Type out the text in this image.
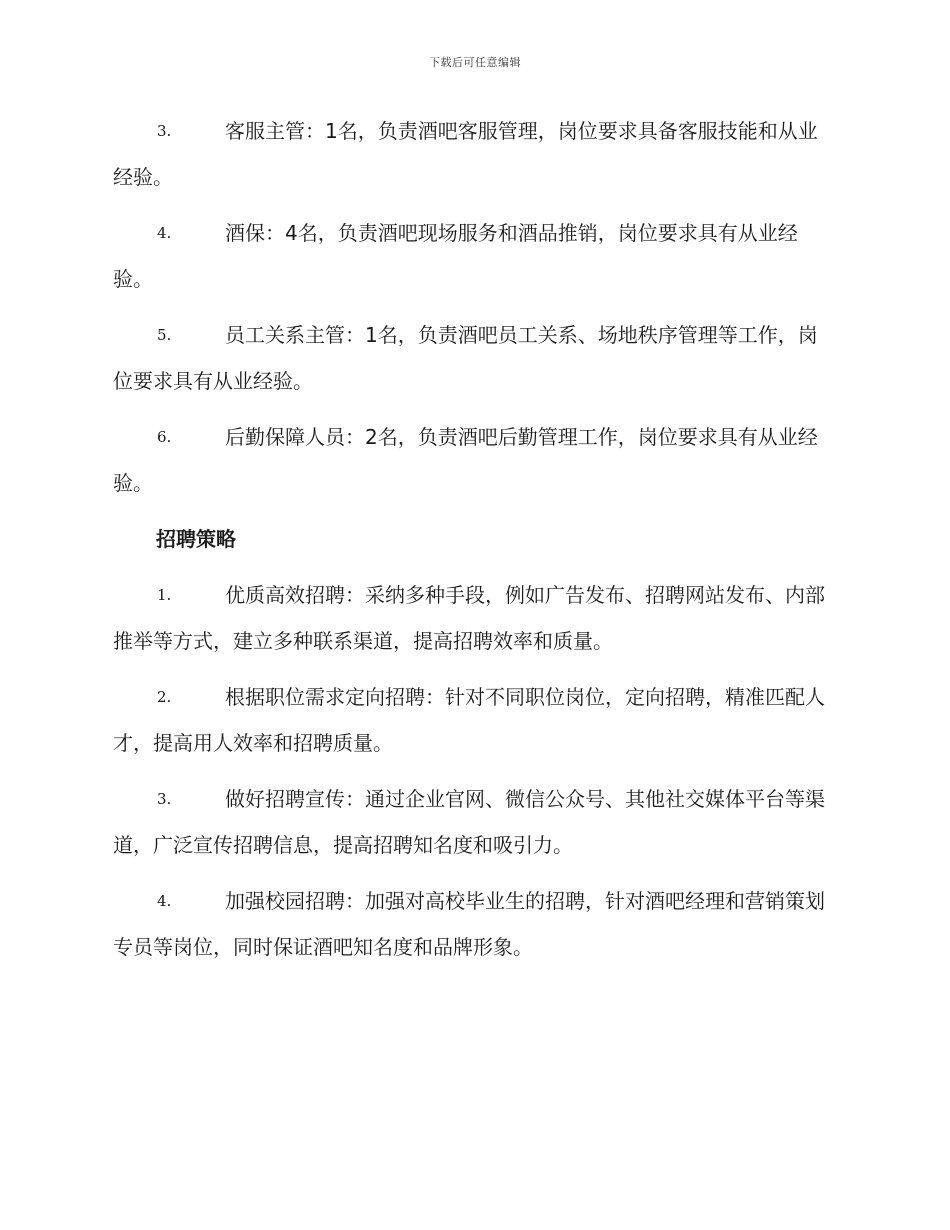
下载后可任意编辑
3.	客服主管：1名，负责酒吧客服管理，岗位要求具备客服技能和从业经验。
4.	酒保：4名，负责酒吧现场服务和酒品推销，岗位要求具有从业经验。
5.	员工关系主管：1名，负责酒吧员工关系、场地秩序管理等工作，岗位要求具有从业经验。
6.	后勤保障人员：2名，负责酒吧后勤管理工作，岗位要求具有从业经验。
招聘策略
1.	优质高效招聘：采纳多种手段，例如广告发布、招聘网站发布、内部推举等方式，建立多种联系渠道，提高招聘效率和质量。
2.	根据职位需求定向招聘：针对不同职位岗位，定向招聘，精准匹配人才，提高用人效率和招聘质量。
3.	做好招聘宣传：通过企业官网、微信公众号、其他社交媒体平台等渠道，广泛宣传招聘信息，提高招聘知名度和吸引力。
4.	加强校园招聘：加强对高校毕业生的招聘，针对酒吧经理和营销策划专员等岗位，同时保证酒吧知名度和品牌形象。
